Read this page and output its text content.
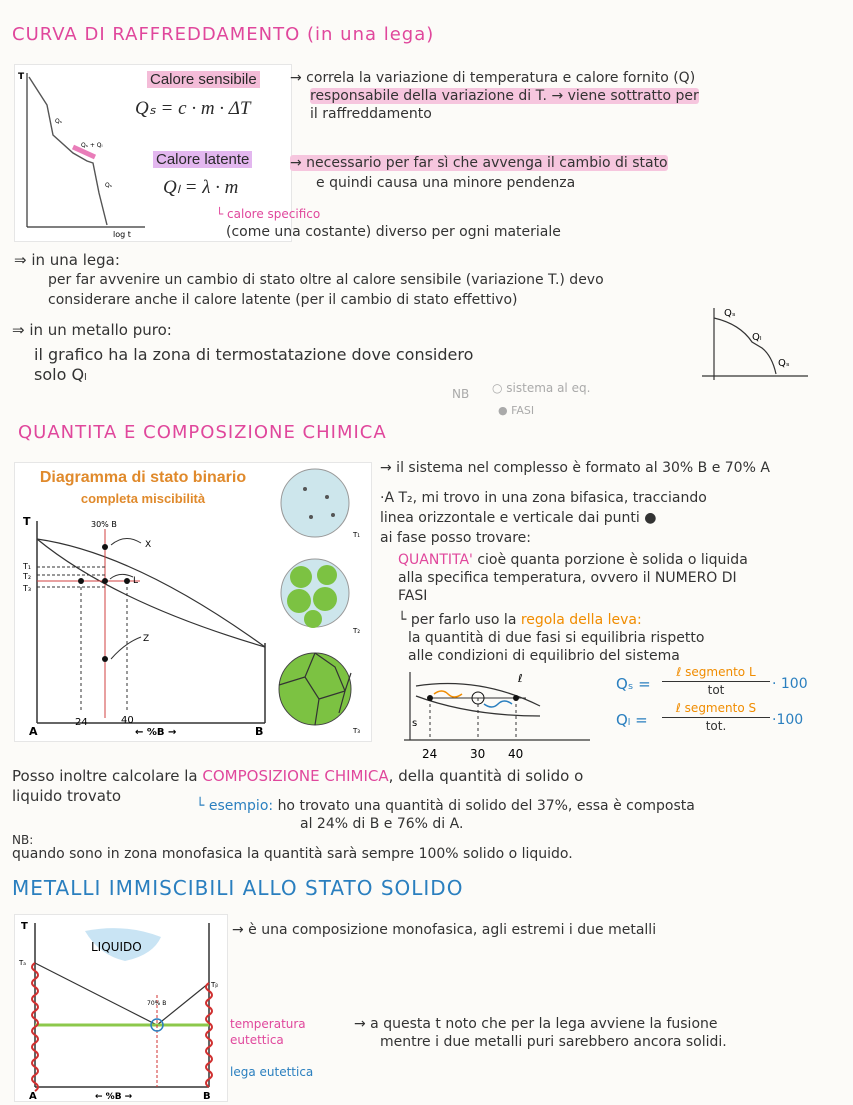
CURVA DI RAFFREDDAMENTO (in una lega)
T
log t
Qₛ
Qₛ + Qₗ
Qₛ
Calore sensibile
Qₛ = c · m · ΔT
Calore latente
Qₗ = λ · m
→ correla la variazione di temperatura e calore fornito (Q)
responsabile della variazione di T. → viene sottratto per
il raffreddamento
→ necessario per far sì che avvenga il cambio di stato
e quindi causa una minore pendenza
└ calore specifico
(come una costante) diverso per ogni materiale
⇒ in una lega:
per far avvenire un cambio di stato oltre al calore sensibile (variazione T.) devo
considerare anche il calore latente (per il cambio di stato effettivo)
⇒ in un metallo puro:
il grafico ha la zona di termostatazione dove considero
solo Qₗ
NB ○ sistema al eq.
● FASI
Qₛ
Qₗ
Qₛ
QUANTITA E COMPOSIZIONE CHIMICA
Diagramma di stato binario
completa miscibilità
T
T₁
T₂
T₃
30% B
X
L
Z
A	B
24	40
← %B →
T₁
T₂
T₃
→ il sistema nel complesso è formato al 30% B e 70% A
·A T₂, mi trovo in una zona bifasica, tracciando
linea orizzontale e verticale dai punti ●
ai fase posso trovare:
QUANTITA' cioè quanta porzione è solida o liquida
alla specifica temperatura, ovvero il NUMERO DI
FASI
└ per farlo uso la regola della leva:
la quantità di due fasi si equilibria rispetto
alle condizioni di equilibrio del sistema
ℓ
s
24	30 40
Qₛ =
ℓ segmento L
tot	· 100
Qₗ =
ℓ segmento S
tot.	·100
Posso inoltre calcolare la COMPOSIZIONE CHIMICA, della quantità di solido o
liquido trovato
└ esempio: ho trovato una quantità di solido del 37%, essa è composta
al 24% di B e 76% di A.
NB:
quando sono in zona monofasica la quantità sarà sempre 100% solido o liquido.
METALLI IMMISCIBILI ALLO STATO SOLIDO
T
LIQUIDO
Tₐ
Tᵦ
70% B
A	B
← %B →
→ è una composizione monofasica, agli estremi i due metalli
temperatura
eutettica
→ a questa t noto che per la lega avviene la fusione
mentre i due metalli puri sarebbero ancora solidi.
lega eutettica
